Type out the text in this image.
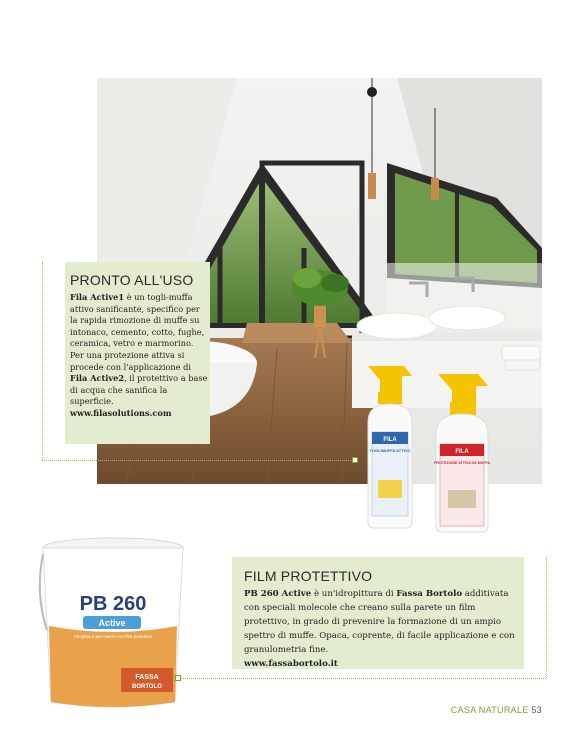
PRONTO ALL'USO

Fila Active1 è un togli-muffa attivo sanificante, specifico per la rapida rimozione di muffe su intonaco, cemento, cotto, fughe, ceramica, vetro e marmorino. Per una protezione attiva si procede con l'applicazione di Fila Active2, il protettivo a base di acqua che sanifica la superficie.
www.filasolutions.com

FILA
TOGLIMUFFA ATTIVO	FILA
PROTEZIONE ATTIVA DA MUFFA
PB 260
Active
Idropittura per interni con film protettivo
FASSA
BORTOLO
FILM PROTETTIVO

PB 260 Active è un'idropittura di Fassa Bortolo additivata con speciali molecole che creano sulla parete un film protettivo, in grado di prevenire la formazione di un ampio spettro di muffe. Opaca, coprente, di facile applicazione e con granulometria fine.
www.fassabortolo.it

CASA NATURALE 53
